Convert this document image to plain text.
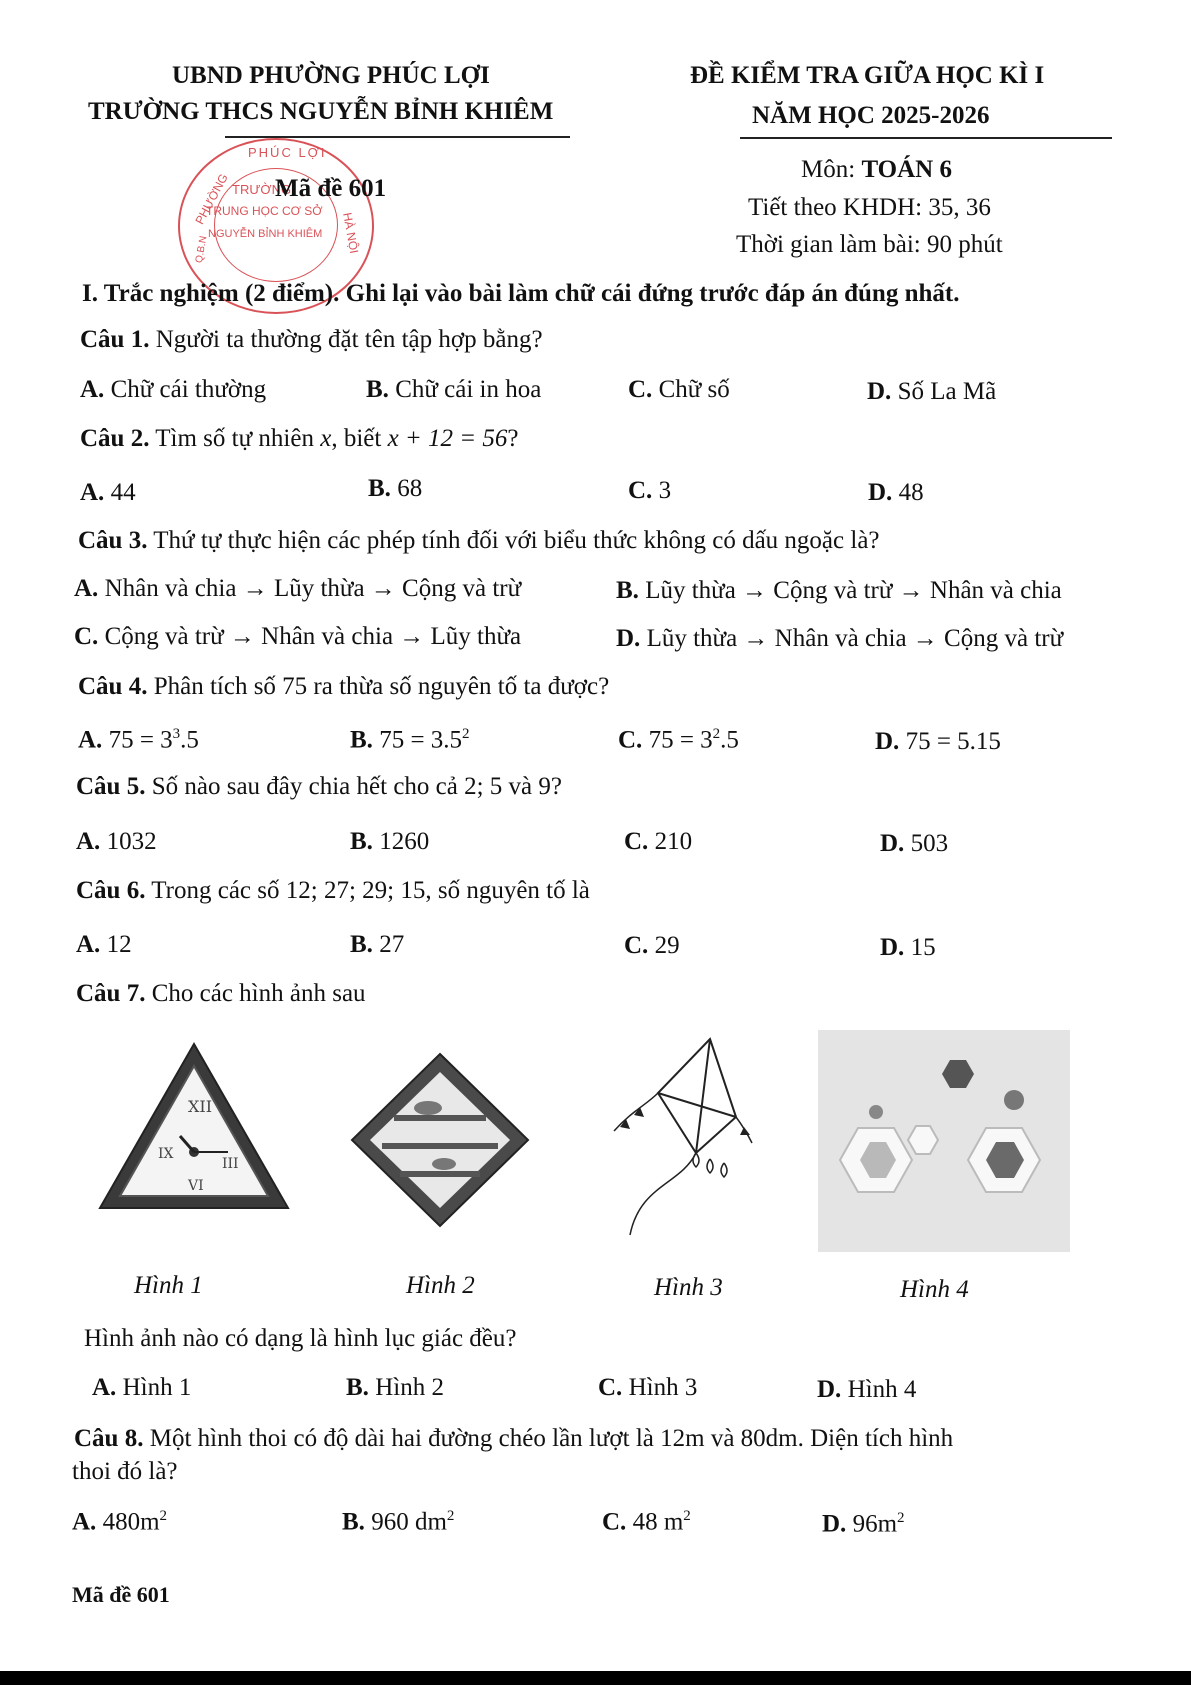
UBND PHƯỜNG PHÚC LỢI
TRƯỜNG THCS NGUYỄN BỈNH KHIÊM
ĐỀ KIỂM TRA GIỮA HỌC KÌ I
NĂM HỌC 2025-2026
PHÚC LỢI
PHƯỜNG
HÀ NỘI
TRƯỜNG
TRUNG HỌC CƠ SỞ
NGUYỄN BỈNH KHIÊM
Q.B.N
Mã đề 601
Môn: TOÁN 6
Tiết theo KHDH: 35, 36
Thời gian làm bài: 90 phút
I. Trắc nghiệm (2 điểm). Ghi lại vào bài làm chữ cái đứng trước đáp án đúng nhất.
Câu 1. Người ta thường đặt tên tập hợp bằng?
A. Chữ cái thường	B. Chữ cái in hoa	C. Chữ số	D. Số La Mã
Câu 2. Tìm số tự nhiên x, biết x + 12 = 56?
A. 44	B. 68	C. 3	D. 48
Câu 3. Thứ tự thực hiện các phép tính đối với biểu thức không có dấu ngoặc là?
A. Nhân và chia → Lũy thừa → Cộng và trừ	B. Lũy thừa → Cộng và trừ → Nhân và chia
C. Cộng và trừ → Nhân và chia → Lũy thừa	D. Lũy thừa → Nhân và chia → Cộng và trừ
Câu 4. Phân tích số 75 ra thừa số nguyên tố ta được?
A. $75 = 3^3.5$	B. $75 = 3.5^2$	C. $75 = 3^2.5$	D. 75 = 5.15
Câu 5. Số nào sau đây chia hết cho cả 2; 5 và 9?
A. 1032	B. 1260	C. 210	D. 503
Câu 6. Trong các số 12; 27; 29; 15, số nguyên tố là
A. 12	B. 27	C. 29	D. 15
Câu 7. Cho các hình ảnh sau
XII
IX
III
VI
Hình 1	Hình 2	Hình 3	Hình 4
Hình ảnh nào có dạng là hình lục giác đều?
A. Hình 1	B. Hình 2	C. Hình 3	D. Hình 4
Câu 8. Một hình thoi có độ dài hai đường chéo lần lượt là 12m và 80dm. Diện tích hình
thoi đó là?
A. $480m^2$	B. 960 $dm^2$	C. 48 $m^2$	D. $96m^2$
Mã đề 601
